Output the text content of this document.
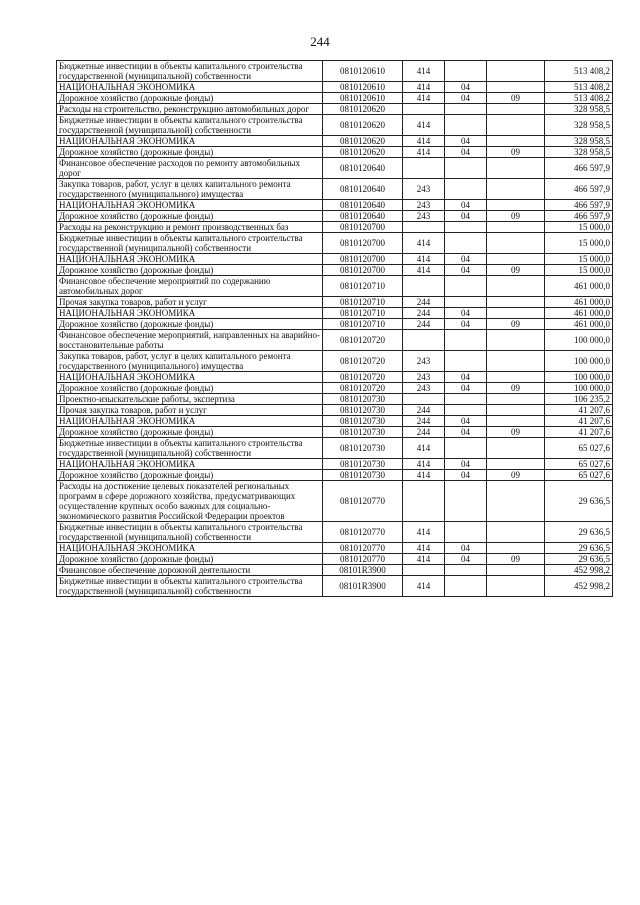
244
Бюджетные инвестиции в объекты капитального строительства государственной (муниципальной) собственности	0810120610	414			513 408,2
НАЦИОНАЛЬНАЯ ЭКОНОМИКА	0810120610	414	04		513 408,2
Дорожное хозяйство (дорожные фонды)	0810120610	414	04	09	513 408,2
Расходы на строительство, реконструкцию автомобильных дорог	0810120620				328 958,5
Бюджетные инвестиции в объекты капитального строительства государственной (муниципальной) собственности	0810120620	414			328 958,5
НАЦИОНАЛЬНАЯ ЭКОНОМИКА	0810120620	414	04		328 958,5
Дорожное хозяйство (дорожные фонды)	0810120620	414	04	09	328 958,5
Финансовое обеспечение расходов по ремонту автомобильных дорог	0810120640				466 597,9
Закупка товаров, работ, услуг в целях капитального ремонта государственного (муниципального) имущества	0810120640	243			466 597,9
НАЦИОНАЛЬНАЯ ЭКОНОМИКА	0810120640	243	04		466 597,9
Дорожное хозяйство (дорожные фонды)	0810120640	243	04	09	466 597,9
Расходы на реконструкцию и ремонт производственных баз	0810120700				15 000,0
Бюджетные инвестиции в объекты капитального строительства государственной (муниципальной) собственности	0810120700	414			15 000,0
НАЦИОНАЛЬНАЯ ЭКОНОМИКА	0810120700	414	04		15 000,0
Дорожное хозяйство (дорожные фонды)	0810120700	414	04	09	15 000,0
Финансовое обеспечение мероприятий по содержанию автомобильных дорог	0810120710				461 000,0
Прочая закупка товаров, работ и услуг	0810120710	244			461 000,0
НАЦИОНАЛЬНАЯ ЭКОНОМИКА	0810120710	244	04		461 000,0
Дорожное хозяйство (дорожные фонды)	0810120710	244	04	09	461 000,0
Финансовое обеспечение мероприятий, направленных на аварийно-восстановительные работы	0810120720				100 000,0
Закупка товаров, работ, услуг в целях капитального ремонта государственного (муниципального) имущества	0810120720	243			100 000,0
НАЦИОНАЛЬНАЯ ЭКОНОМИКА	0810120720	243	04		100 000,0
Дорожное хозяйство (дорожные фонды)	0810120720	243	04	09	100 000,0
Проектно-изыскательские работы, экспертиза	0810120730				106 235,2
Прочая закупка товаров, работ и услуг	0810120730	244			41 207,6
НАЦИОНАЛЬНАЯ ЭКОНОМИКА	0810120730	244	04		41 207,6
Дорожное хозяйство (дорожные фонды)	0810120730	244	04	09	41 207,6
Бюджетные инвестиции в объекты капитального строительства государственной (муниципальной) собственности	0810120730	414			65 027,6
НАЦИОНАЛЬНАЯ ЭКОНОМИКА	0810120730	414	04		65 027,6
Дорожное хозяйство (дорожные фонды)	0810120730	414	04	09	65 027,6
Расходы на достижение целевых показателей региональных программ в сфере дорожного хозяйства, предусматривающих осуществление крупных особо важных для социально-экономического развития Российской Федерации проектов	0810120770				29 636,5
Бюджетные инвестиции в объекты капитального строительства государственной (муниципальной) собственности	0810120770	414			29 636,5
НАЦИОНАЛЬНАЯ ЭКОНОМИКА	0810120770	414	04		29 636,5
Дорожное хозяйство (дорожные фонды)	0810120770	414	04	09	29 636,5
Финансовое обеспечение дорожной деятельности	08101R3900				452 998,2
Бюджетные инвестиции в объекты капитального строительства государственной (муниципальной) собственности	08101R3900	414			452 998,2
